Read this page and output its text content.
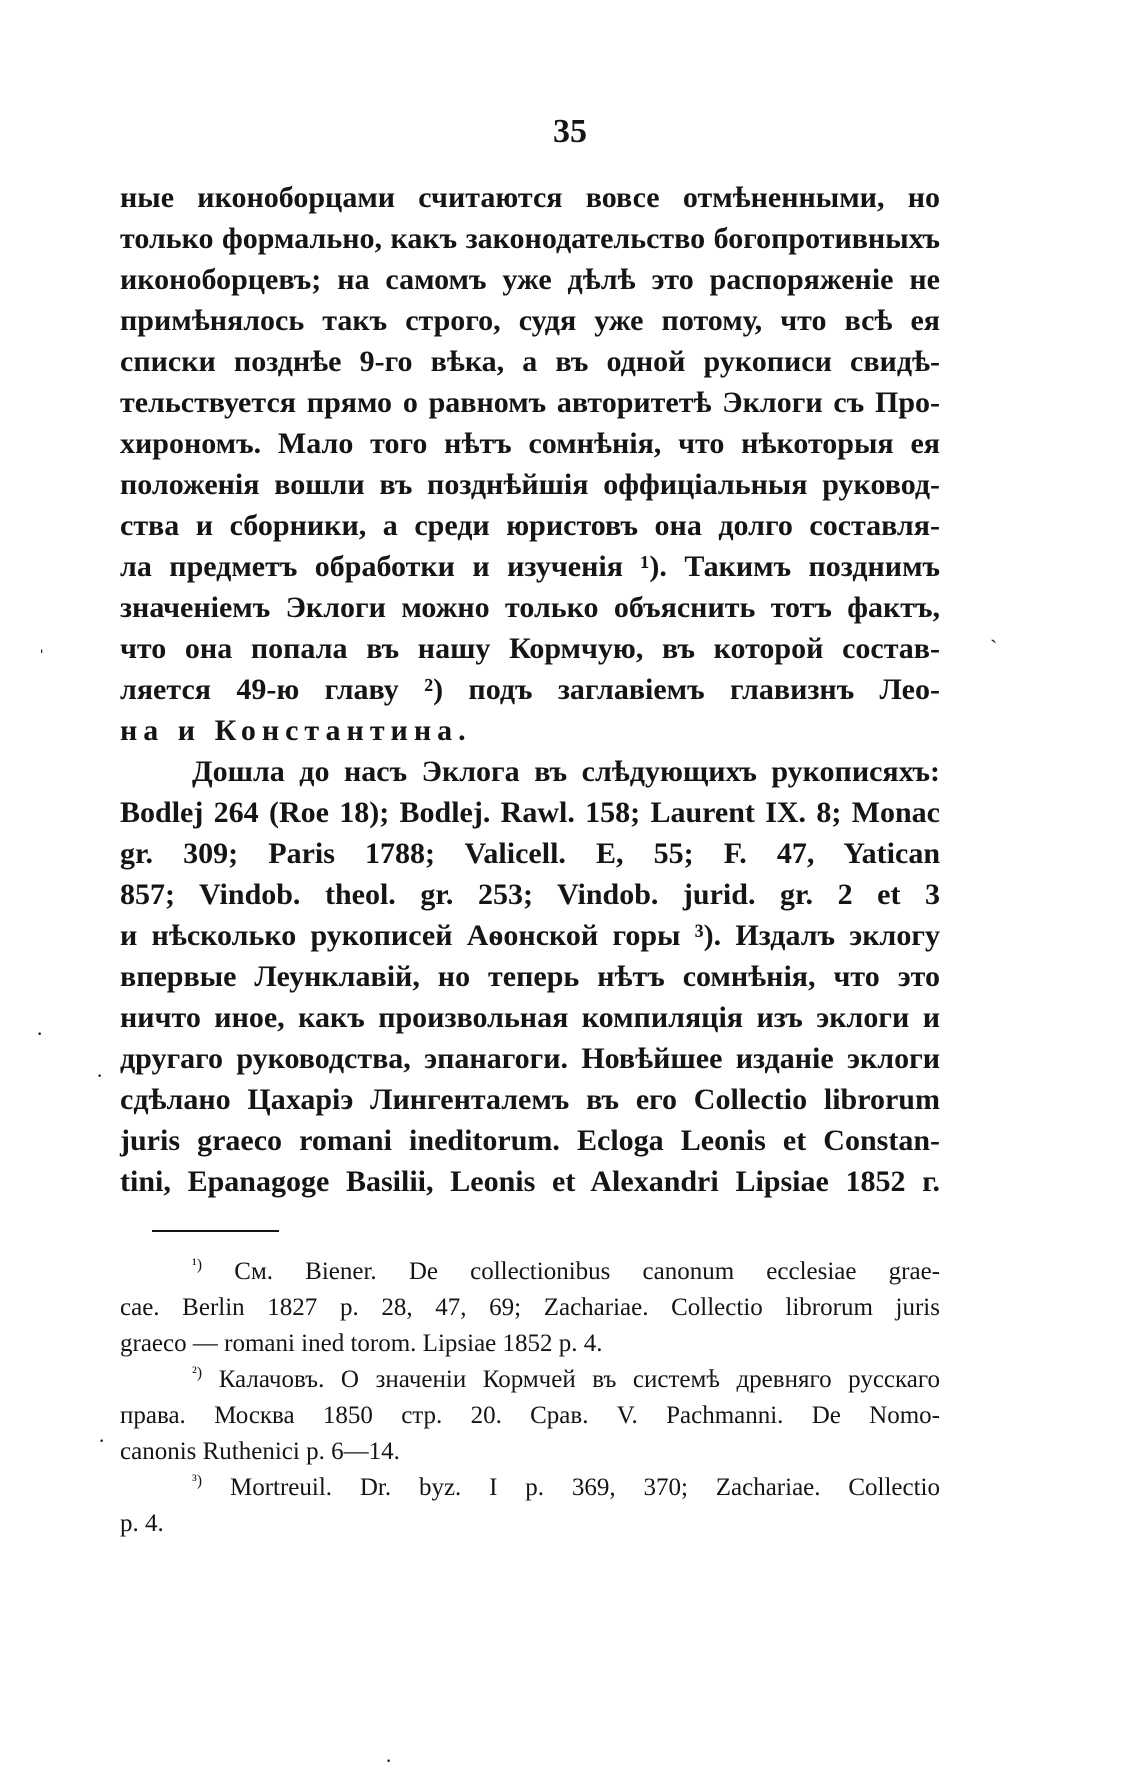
35
ные иконоборцами считаются вовсе отмѣненными, но
только формально, какъ законодательство богопротивныхъ
иконоборцевъ; на самомъ уже дѣлѣ это распоряженіе не
примѣнялось такъ строго, судя уже потому, что всѣ ея
списки позднѣе 9-го вѣка, а въ одной рукописи свидѣ-
тельствуется прямо о равномъ авторитетѣ Эклоги съ Про-
хирономъ. Мало того нѣтъ сомнѣнія, что нѣкоторыя ея
положенія вошли въ позднѣйшія оффиціальныя руковод-
ства и сборники, а среди юристовъ она долго составля-
ла предметъ обработки и изученія ¹). Такимъ позднимъ
значеніемъ Эклоги можно только объяснить тотъ фактъ,
что она попала въ нашу Кормчую, въ которой состав-
ляется 49-ю главу ²) подъ заглавіемъ главизнъ Лео-
на и Константина.
Дошла до насъ Эклога въ слѣдующихъ рукописяхъ:
Bodlej 264 (Roe 18); Bodlej. Rawl. 158; Laurent IX. 8; Monac
gr. 309; Paris 1788; Valicell. E, 55; F. 47, Yatican
857; Vindob. theol. gr. 253; Vindob. jurid. gr. 2 et 3
и нѣсколько рукописей Аѳонской горы ³). Издалъ эклогу
впервые Леунклавій, но теперь нѣтъ сомнѣнія, что это
ничто иное, какъ произвольная компиляція изъ эклоги и
другаго руководства, эпанагоги. Новѣйшее изданіе эклоги
сдѣлано Цахаріэ Лингенталемъ въ его Collectio librorum
juris graeco romani ineditorum. Ecloga Leonis et Constan-
tini, Epanagoge Basilii, Leonis et Alexandri Lipsiae 1852 г.
$^{^1)}$ См. Biener. De collectionibus canonum ecclesiae grae-
cae. Berlin 1827 p. 28, 47, 69; Zachariae. Collectio librorum juris
graeco — romani ined torom. Lipsiae 1852 p. 4.
$^{^2)}$ Калачовъ. О значеніи Кормчей въ системѣ древняго русскаго
права. Москва 1850 стр. 20. Срав. V. Pachmanni. De Nomo-
canonis Ruthenici p. 6—14.
$^{^3)}$ Mortreuil. Dr. byz. I p. 369, 370; Zachariae. Collectio
p. 4.
ˌ	ˏ
·
·
·
·
